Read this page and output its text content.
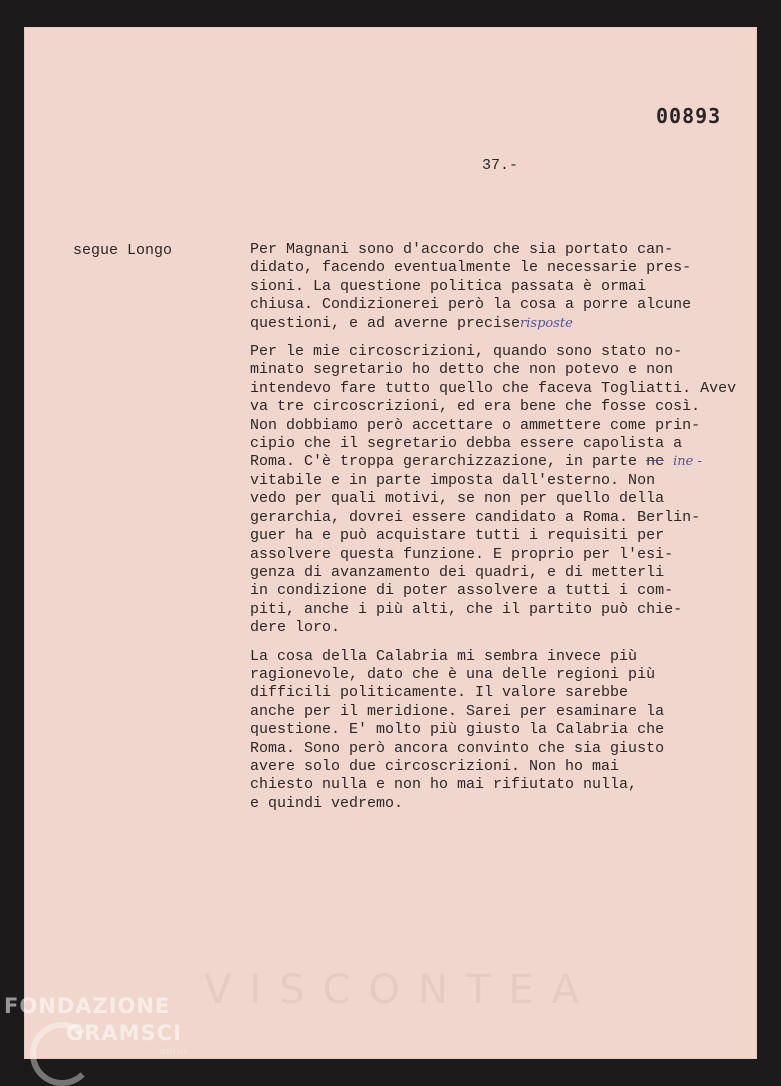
VISCONTEA
00893
37.-
segue Longo	Per Magnani sono d'accordo che sia portato can-
didato, facendo eventualmente le necessarie pres-
sioni. La questione politica passata è ormai
chiusa. Condizionerei però la cosa a porre alcune
questioni, e ad averne preciserisposte
Per le mie circoscrizioni, quando sono stato no-
minato segretario ho detto che non potevo e non
intendevo fare tutto quello che faceva Togliatti. Avev
va tre circoscrizioni, ed era bene che fosse così.
Non dobbiamo però accettare o ammettere come prin-
cipio che il segretario debba essere capolista a
Roma. C'è troppa gerarchizzazione, in parte ne ine -
vitabile e in parte imposta dall'esterno. Non
vedo per quali motivi, se non per quello della
gerarchia, dovrei essere candidato a Roma. Berlin-
guer ha e può acquistare tutti i requisiti per
assolvere questa funzione. E proprio per l'esi-
genza di avanzamento dei quadri, e di metterli
in condizione di poter assolvere a tutti i com-
piti, anche i più alti, che il partito può chie-
dere loro.
La cosa della Calabria mi sembra invece più
ragionevole, dato che è una delle regioni più
difficili politicamente. Il valore sarebbe
anche per il meridione. Sarei per esaminare la
questione. E' molto più giusto la Calabria che
Roma. Sono però ancora convinto che sia giusto
avere solo due circoscrizioni. Non ho mai
chiesto nulla e non ho mai rifiutato nulla,
e quindi vedremo.
FONDAZIONE
GRAMSCI
onlus
